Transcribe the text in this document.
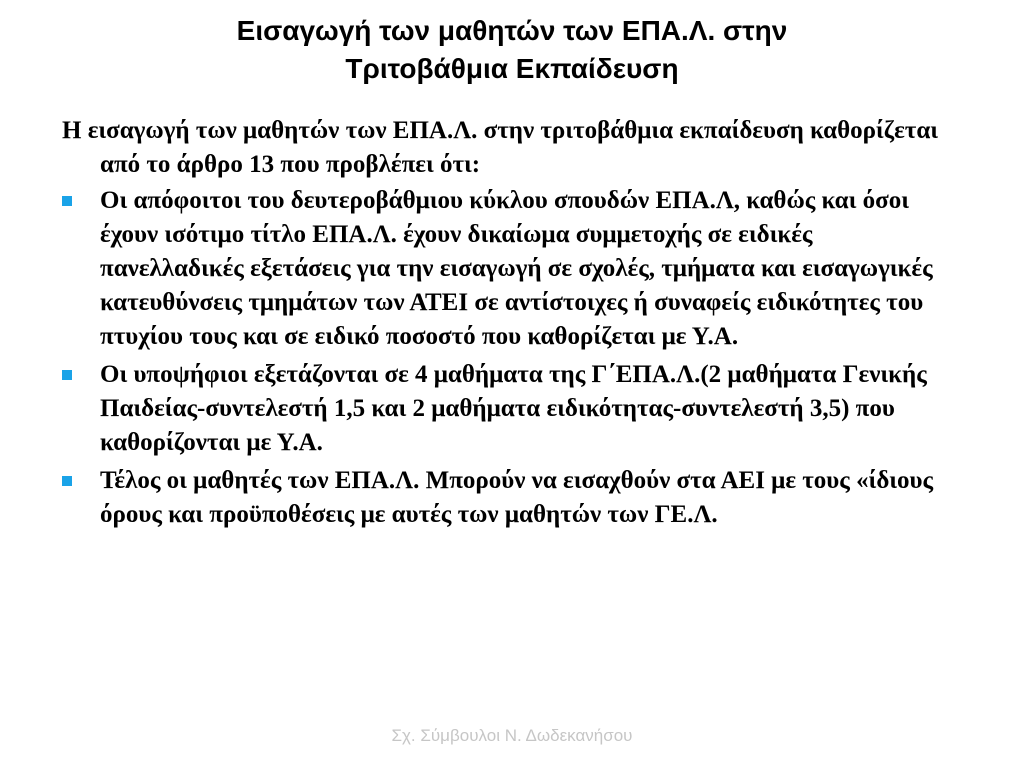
Εισαγωγή των μαθητών των ΕΠΑ.Λ. στην
Τριτοβάθμια Εκπαίδευση

Η εισαγωγή των μαθητών των ΕΠΑ.Λ. στην τριτοβάθμια εκπαίδευση καθορίζεται από το άρθρο 13 που προβλέπει ότι:

Οι απόφοιτοι του δευτεροβάθμιου κύκλου σπουδών ΕΠΑ.Λ, καθώς και όσοι έχουν ισότιμο τίτλο ΕΠΑ.Λ. έχουν δικαίωμα συμμετοχής σε ειδικές πανελλαδικές εξετάσεις για την εισαγωγή σε σχολές, τμήματα και εισαγωγικές κατευθύνσεις τμημάτων των ΑΤΕΙ σε αντίστοιχες ή συναφείς ειδικότητες του πτυχίου τους και σε ειδικό ποσοστό που καθορίζεται με Υ.Α.
Οι υποψήφιοι εξετάζονται σε 4 μαθήματα της Γ΄ΕΠΑ.Λ.(2 μαθήματα Γενικής Παιδείας-συντελεστή 1,5 και 2 μαθήματα ειδικότητας-συντελεστή 3,5) που καθορίζονται με Υ.Α.
Τέλος οι μαθητές των ΕΠΑ.Λ. Μπορούν να εισαχθούν στα ΑΕΙ με τους «ίδιους όρους και προϋποθέσεις με αυτές των μαθητών των ΓΕ.Λ.
Σχ. Σύμβουλοι Ν. Δωδεκανήσου
